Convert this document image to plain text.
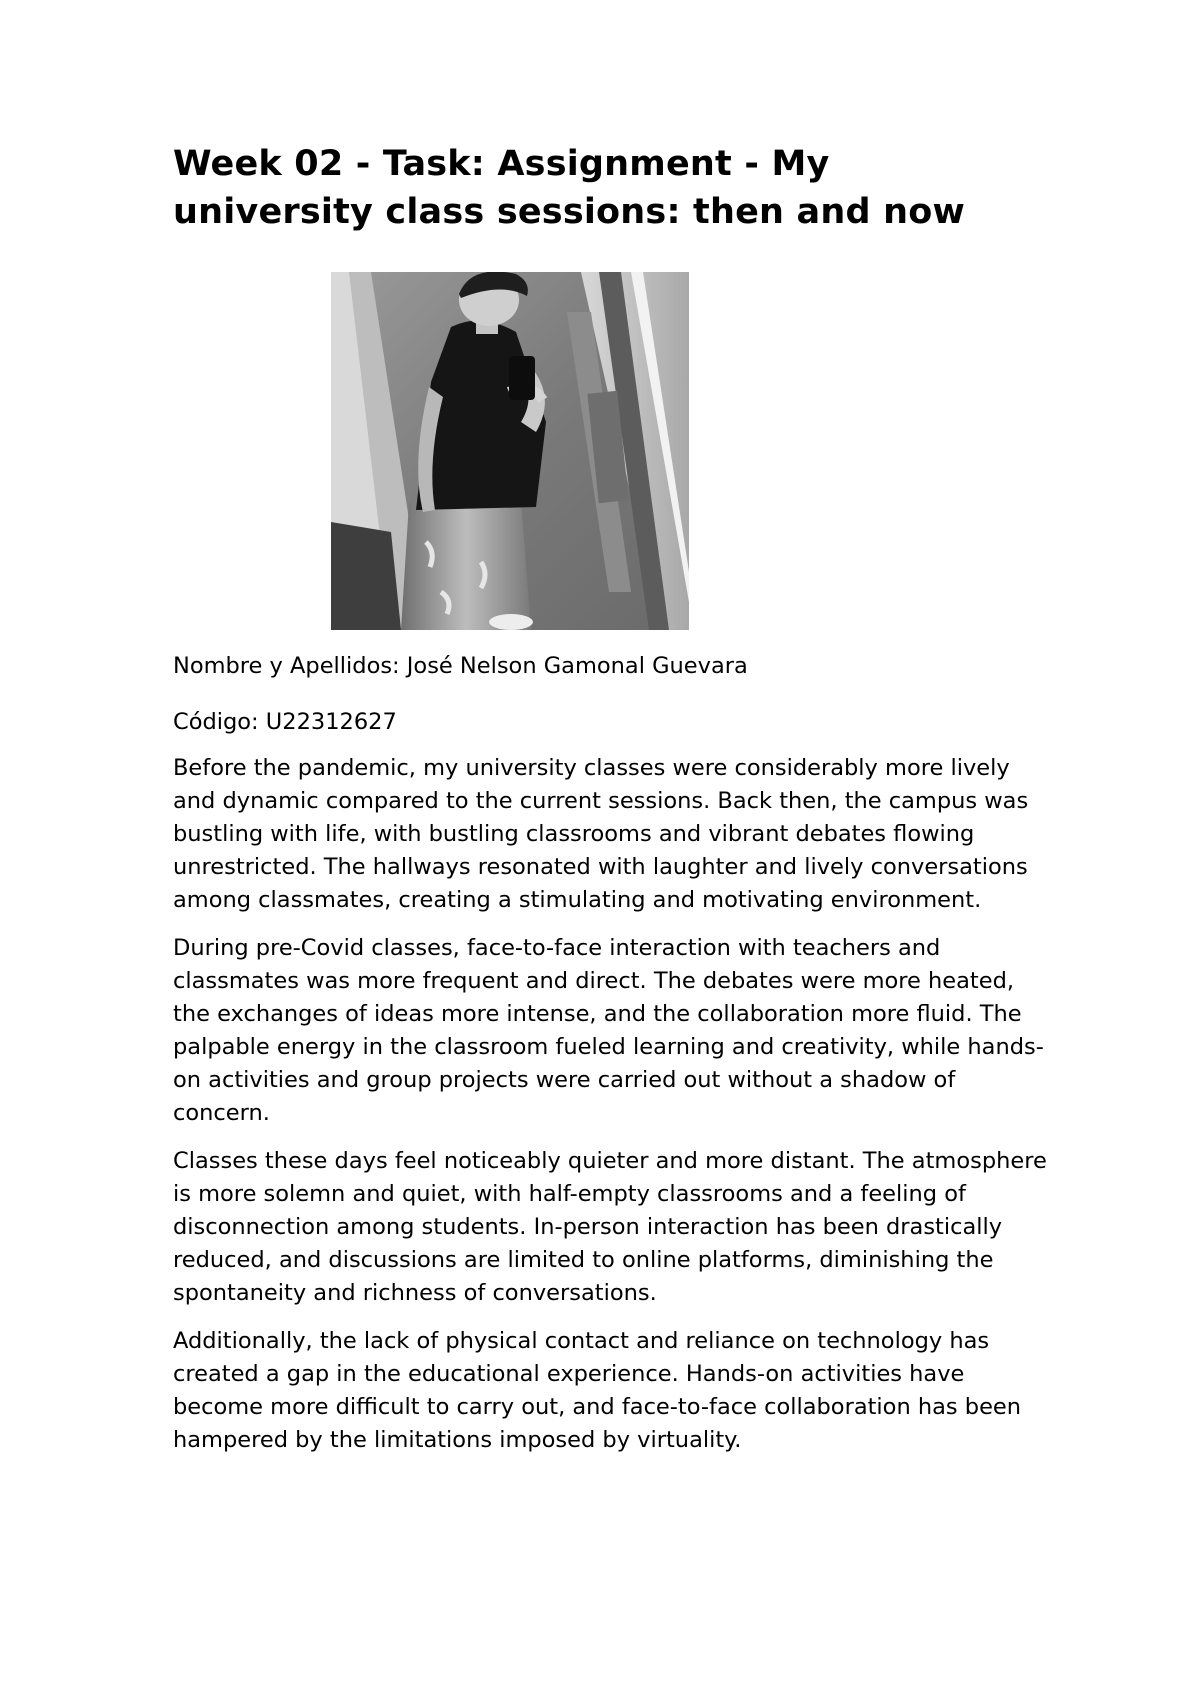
Week 02 - Task: Assignment - My
university class sessions: then and now

Nombre y Apellidos: José Nelson Gamonal Guevara

Código: U22312627

Before the pandemic, my university classes were considerably more lively and dynamic compared to the current sessions. Back then, the campus was bustling with life, with bustling classrooms and vibrant debates flowing unrestricted. The hallways resonated with laughter and lively conversations among classmates, creating a stimulating and motivating environment.

During pre-Covid classes, face-to-face interaction with teachers and classmates was more frequent and direct. The debates were more heated, the exchanges of ideas more intense, and the collaboration more fluid. The palpable energy in the classroom fueled learning and creativity, while hands-on activities and group projects were carried out without a shadow of concern.

Classes these days feel noticeably quieter and more distant. The atmosphere is more solemn and quiet, with half-empty classrooms and a feeling of disconnection among students. In-person interaction has been drastically reduced, and discussions are limited to online platforms, diminishing the spontaneity and richness of conversations.

Additionally, the lack of physical contact and reliance on technology has created a gap in the educational experience. Hands-on activities have become more difficult to carry out, and face-to-face collaboration has been hampered by the limitations imposed by virtuality.
